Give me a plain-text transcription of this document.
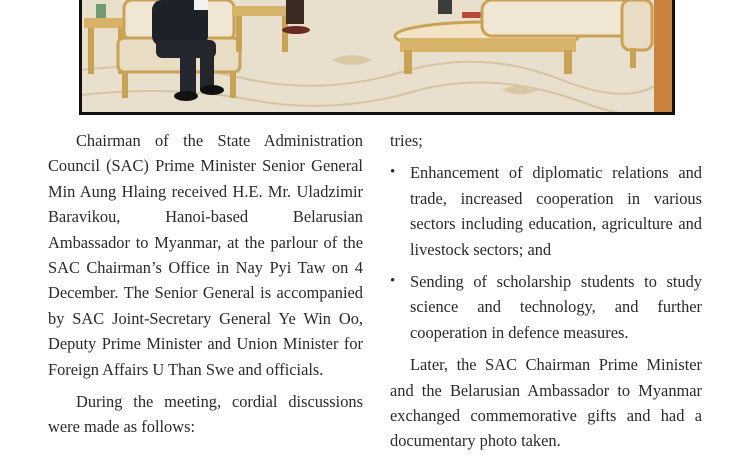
Chairman of the State Administration Council (SAC) Prime Minister Senior General Min Aung Hlaing received H.E. Mr. Uladzimir Baravikou, Hanoi-based Belarusian Ambassador to Myanmar, at the parlour of the SAC Chairman’s Office in Nay Pyi Taw on 4 December. The Senior General is accompanied by SAC Joint-Secretary General Ye Win Oo, Deputy Prime Minister and Union Minister for Foreign Affairs U Than Swe and officials.

During the meeting, cordial discussions were made as follows:

tries;

• Enhancement of diplomatic relations and trade, increased cooperation in various sectors including education, agriculture and livestock sectors; and
• Sending of scholarship students to study science and technology, and further cooperation in defence measures.

Later, the SAC Chairman Prime Minister and the Belarusian Ambassador to Myanmar exchanged commemorative gifts and had a documentary photo taken.
